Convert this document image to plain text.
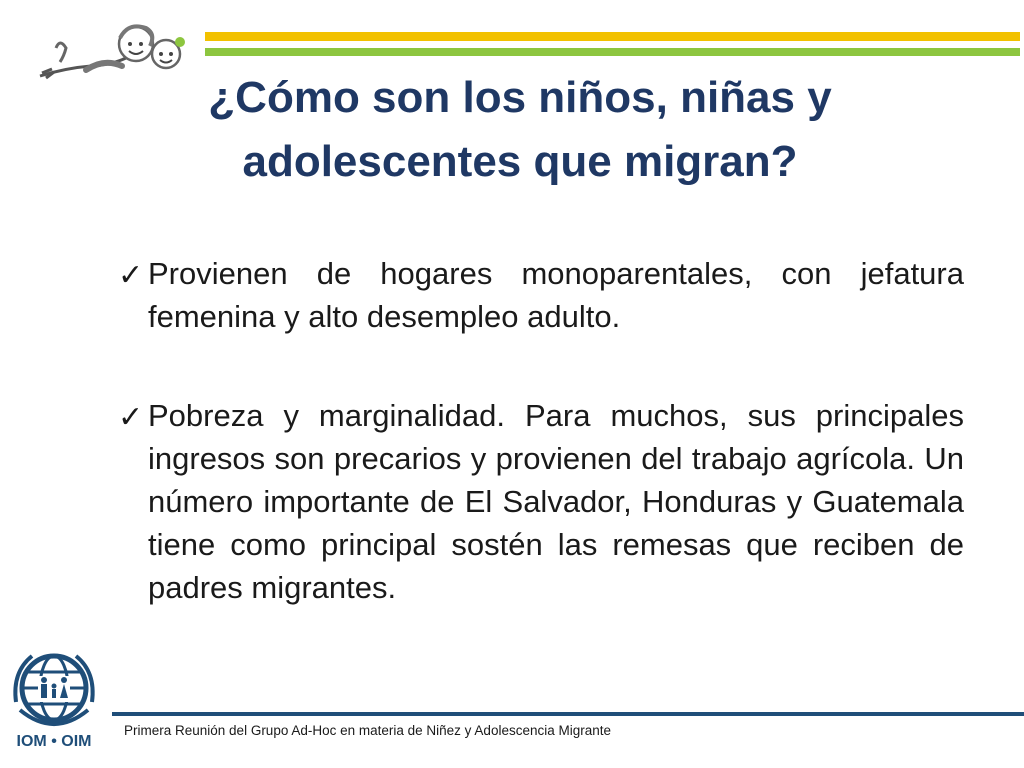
¿Cómo son los niños, niñas y
adolescentes que migran?
✓ Provienen de hogares monoparentales, con jefatura femenina y alto desempleo adulto.
✓ Pobreza y marginalidad. Para muchos, sus principales ingresos son precarios y provienen del trabajo agrícola. Un número importante de El Salvador, Honduras y Guatemala tiene como principal sostén las remesas que reciben de padres migrantes.
IOM • OIM
Primera Reunión del Grupo Ad-Hoc en materia de Niñez y Adolescencia Migrante
